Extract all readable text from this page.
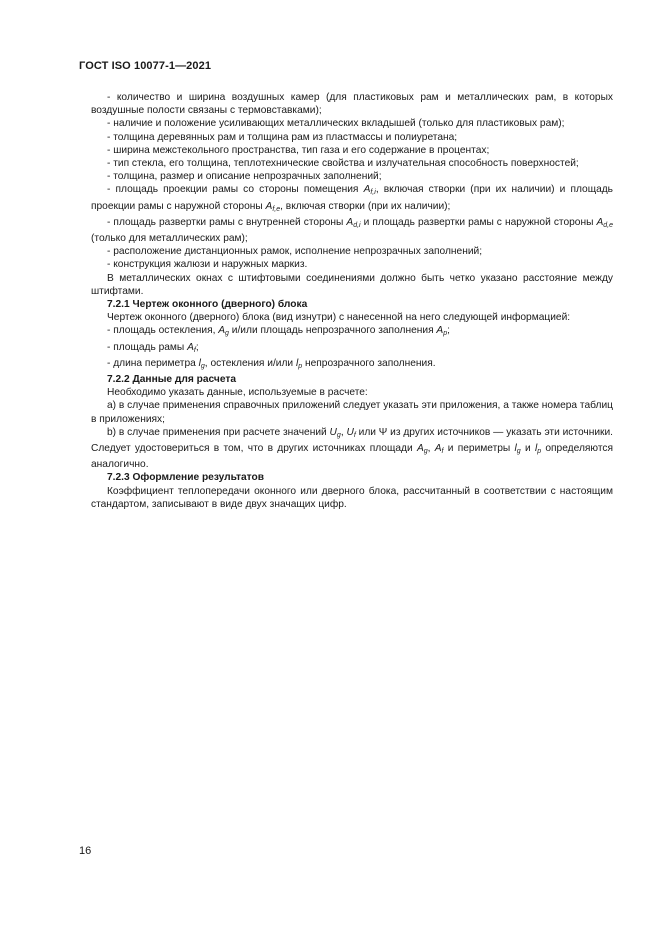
ГОСТ ISO 10077-1—2021

- количество и ширина воздушных камер (для пластиковых рам и металлических рам, в которых воздушные полости связаны с термовставками);

- наличие и положение усиливающих металлических вкладышей (только для пластиковых рам);

- толщина деревянных рам и толщина рам из пластмассы и полиуретана;

- ширина межстекольного пространства, тип газа и его содержание в процентах;

- тип стекла, его толщина, теплотехнические свойства и излучательная способность поверхностей;

- толщина, размер и описание непрозрачных заполнений;

- площадь проекции рамы со стороны помещения $A_{f,i}$, включая створки (при их наличии) и площадь проекции рамы с наружной стороны $A_{f,e}$, включая створки (при их наличии);

- площадь развертки рамы с внутренней стороны $A_{d,i}$ и площадь развертки рамы с наружной стороны $A_{d,e}$ (только для металлических рам);

- расположение дистанционных рамок, исполнение непрозрачных заполнений;

- конструкция жалюзи и наружных маркиз.

В металлических окнах с штифтовыми соединениями должно быть четко указано расстояние между штифтами.

7.2.1 Чертеж оконного (дверного) блока

Чертеж оконного (дверного) блока (вид изнутри) с нанесенной на него следующей информацией:

- площадь остекления, $A_g$ и/или площадь непрозрачного заполнения $A_p$;

- площадь рамы $A_f$;

- длина периметра $l_g$, остекления и/или $l_p$ непрозрачного заполнения.

7.2.2 Данные для расчета

Необходимо указать данные, используемые в расчете:

а) в случае применения справочных приложений следует указать эти приложения, а также номера таблиц в приложениях;

b) в случае применения при расчете значений $U_g$, $U_f$ или Ψ из других источников — указать эти источники. Следует удостовериться в том, что в других источниках площади $A_g$, $A_f$ и периметры $l_g$ и $l_p$ определяются аналогично.

7.2.3 Оформление результатов

Коэффициент теплопередачи оконного или дверного блока, рассчитанный в соответствии с настоящим стандартом, записывают в виде двух значащих цифр.

16
